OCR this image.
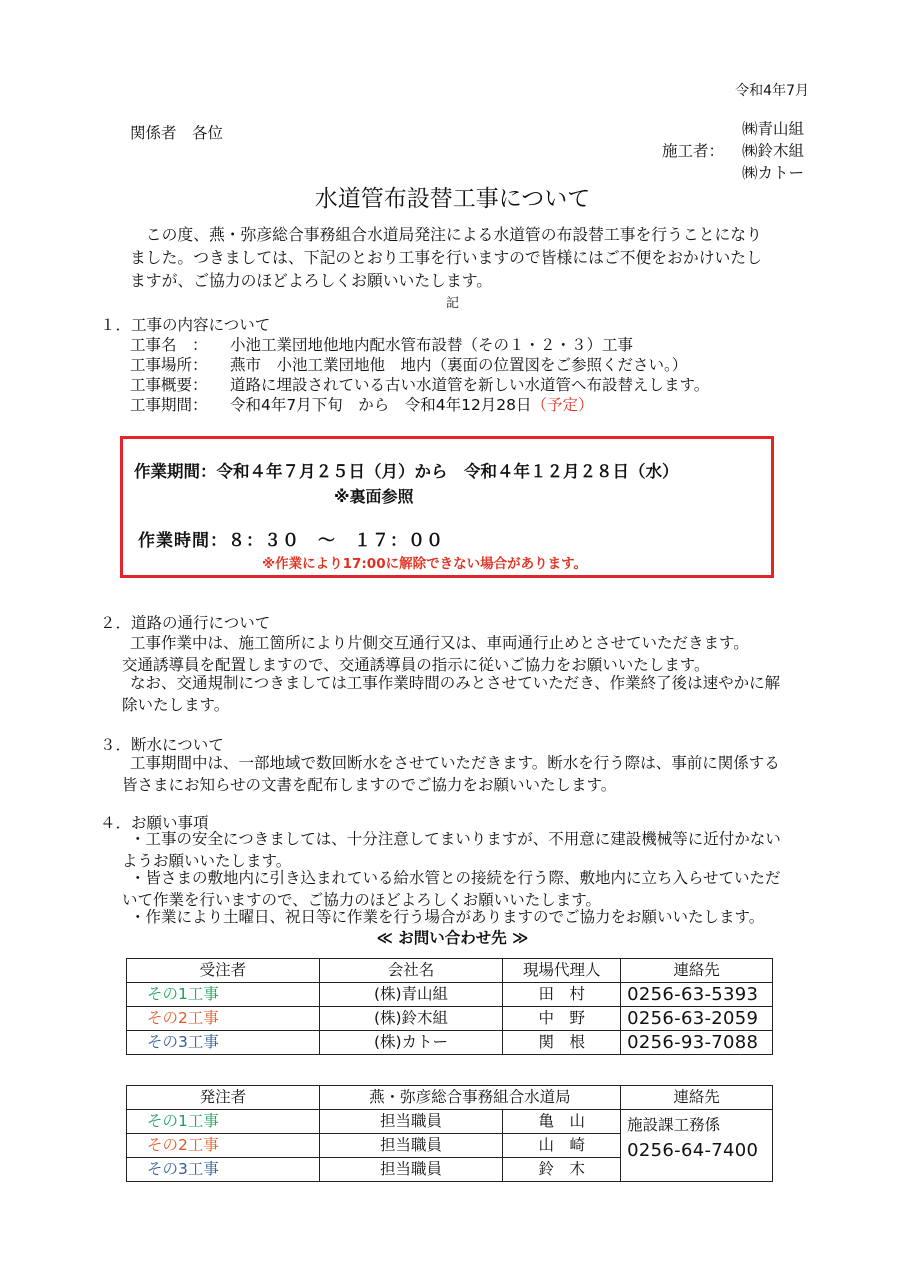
令和4年7月
関係者　各位
施工者：
㈱青山組
㈱鈴木組
㈱カトー
水道管布設替工事について
　この度、燕・弥彦総合事務組合水道局発注による水道管の布設替工事を行うことになりました。つきましては、下記のとおり工事を行いますので皆様にはご不便をおかけいたしますが、ご協力のほどよろしくお願いいたします。
記
１．工事の内容について
工事名　： 小池工業団地他地内配水管布設替（その１・２・３）工事
工事場所： 燕市　小池工業団地他　地内（裏面の位置図をご参照ください。）
工事概要： 道路に埋設されている古い水道管を新しい水道管へ布設替えします。
工事期間： 令和4年7月下旬　から　令和4年12月28日（予定）
作業期間：令和４年７月２５日（月）から　令和４年１２月２８日（水）
※裏面参照
作業時間：８：３０　～　１７：００
※作業により17:00に解除できない場合があります。
２．道路の通行について
工事作業中は、施工箇所により片側交互通行又は、車両通行止めとさせていただきます。
交通誘導員を配置しますので、交通誘導員の指示に従いご協力をお願いいたします。
なお、交通規制につきましては工事作業時間のみとさせていただき、作業終了後は速やかに解除いたします。
３．断水について
工事期間中は、一部地域で数回断水をさせていただきます。断水を行う際は、事前に関係する皆さまにお知らせの文書を配布しますのでご協力をお願いいたします。
４．お願い事項
・工事の安全につきましては、十分注意してまいりますが、不用意に建設機械等に近付かないようお願いいたします。
・皆さまの敷地内に引き込まれている給水管との接続を行う際、敷地内に立ち入らせていただいて作業を行いますので、ご協力のほどよろしくお願いいたします。
・作業により土曜日、祝日等に作業を行う場合がありますのでご協力をお願いいたします。
≪ お問い合わせ先 ≫
受注者	会社名	現場代理人	連絡先
その1工事	(株)青山組	田　村	0256-63-5393
その2工事	(株)鈴木組	中　野	0256-63-2059
その3工事	(株)カトー	関　根	0256-93-7088
発注者	燕・弥彦総合事務組合水道局		連絡先
その1工事	担当職員	亀　山	施設課工務係
0256-64-7400

その2工事	担当職員	山　崎	
その3工事	担当職員	鈴　木	
